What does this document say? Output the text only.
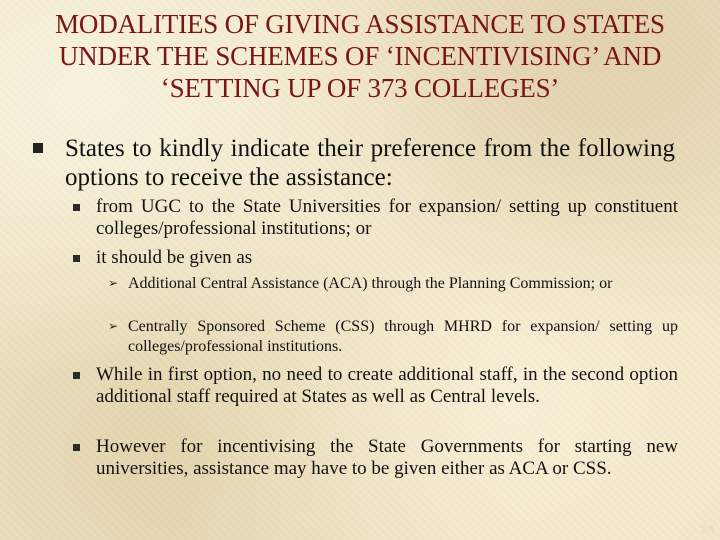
MODALITIES OF GIVING ASSISTANCE TO STATES
UNDER THE SCHEMES OF ‘INCENTIVISING’ AND
‘SETTING UP OF 373 COLLEGES’
States to kindly indicate their preference from the following options to receive the assistance:
from UGC to the State Universities for expansion/ setting up constituent colleges/professional institutions; or
it should be given as
➢ Additional Central Assistance (ACA) through the Planning Commission; or
➢ Centrally Sponsored Scheme (CSS) through MHRD for expansion/ setting up colleges/professional institutions.
While in first option, no need to create additional staff, in the second option additional staff required at States as well as Central levels.
However for incentivising the State Governments for starting new universities, assistance may have to be given either as ACA or CSS.
24
